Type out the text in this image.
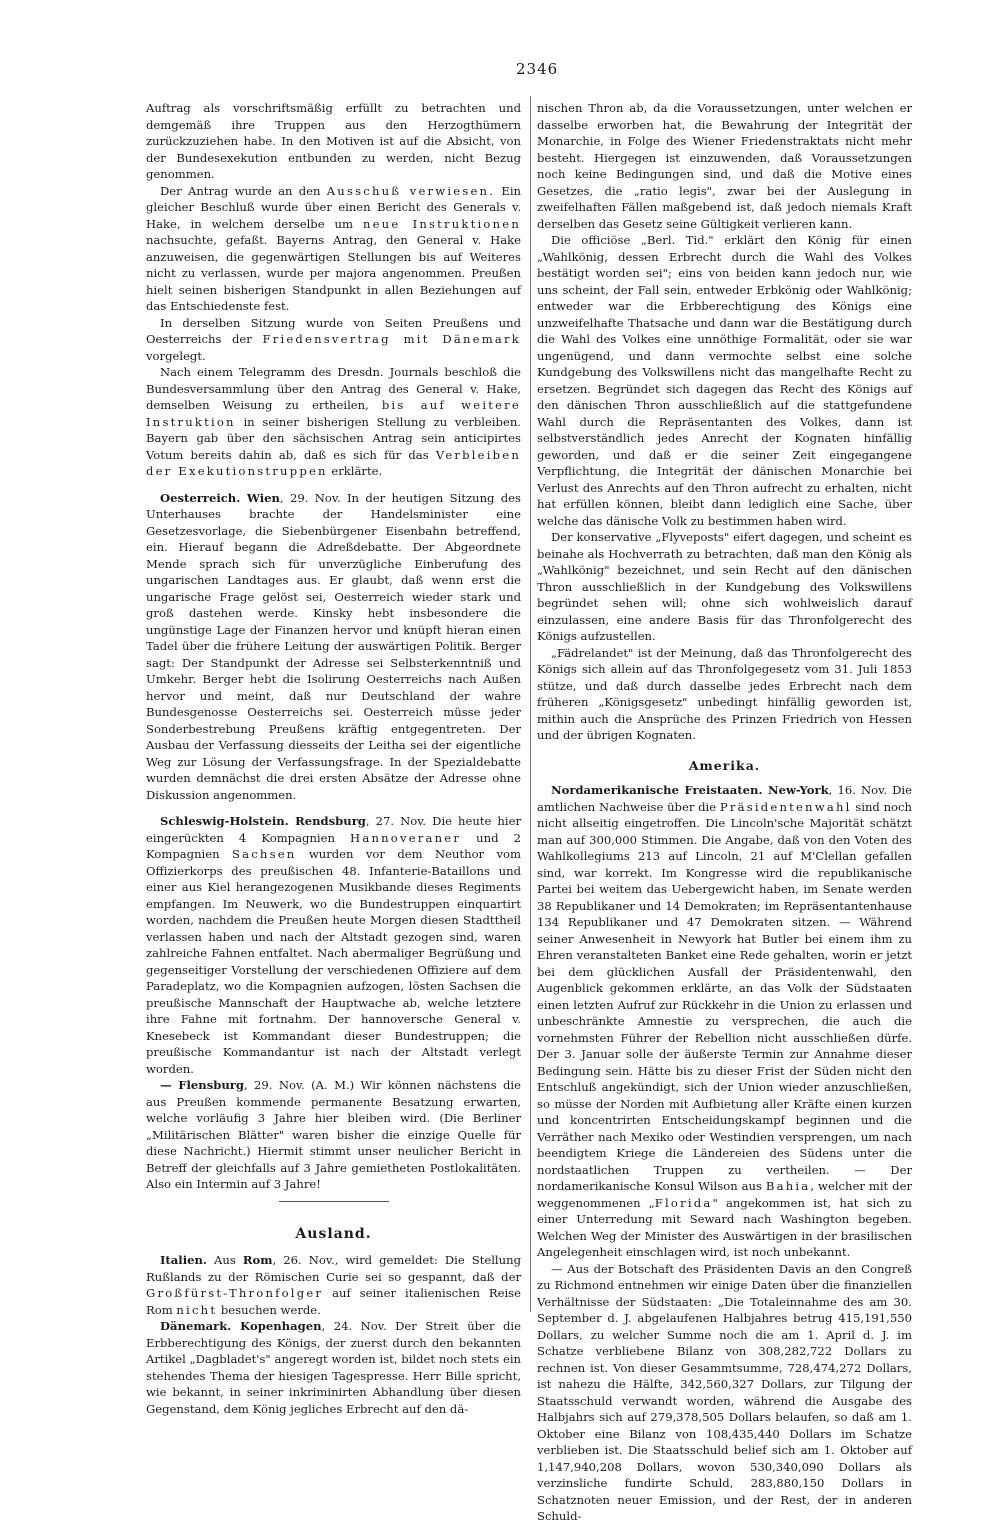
2346

Auftrag als vorschriftsmäßig erfüllt zu betrachten und demgemäß ihre Truppen aus den Herzogthümern zurückzuziehen habe. In den Motiven ist auf die Absicht, von der Bundesexekution entbunden zu werden, nicht Bezug genommen.

Der Antrag wurde an den Ausschuß verwiesen. Ein gleicher Beschluß wurde über einen Bericht des Generals v. Hake, in welchem derselbe um neue Instruktionen nachsuchte, gefaßt. Bayerns Antrag, den General v. Hake anzuweisen, die gegenwärtigen Stellungen bis auf Weiteres nicht zu verlassen, wurde per majora angenommen. Preußen hielt seinen bisherigen Standpunkt in allen Beziehungen auf das Entschiedenste fest.

In derselben Sitzung wurde von Seiten Preußens und Oesterreichs der Friedensvertrag mit Dänemark vorgelegt.

Nach einem Telegramm des Dresdn. Journals beschloß die Bundesversammlung über den Antrag des General v. Hake, demselben Weisung zu ertheilen, bis auf weitere Instruktion in seiner bisherigen Stellung zu verbleiben. Bayern gab über den sächsischen Antrag sein anticipirtes Votum bereits dahin ab, daß es sich für das Verbleiben der Exekutionstruppen erklärte.

Oesterreich. Wien, 29. Nov. In der heutigen Sitzung des Unterhauses brachte der Handelsminister eine Gesetzesvorlage, die Siebenbürgener Eisenbahn betreffend, ein. Hierauf begann die Adreßdebatte. Der Abgeordnete Mende sprach sich für unverzügliche Einberufung des ungarischen Landtages aus. Er glaubt, daß wenn erst die ungarische Frage gelöst sei, Oesterreich wieder stark und groß dastehen werde. Kinsky hebt insbesondere die ungünstige Lage der Finanzen hervor und knüpft hieran einen Tadel über die frühere Leitung der auswärtigen Politik. Berger sagt: Der Standpunkt der Adresse sei Selbsterkenntniß und Umkehr. Berger hebt die Isolirung Oesterreichs nach Außen hervor und meint, daß nur Deutschland der wahre Bundesgenosse Oesterreichs sei. Oesterreich müsse jeder Sonderbestrebung Preußens kräftig entgegentreten. Der Ausbau der Verfassung diesseits der Leitha sei der eigentliche Weg zur Lösung der Verfassungsfrage. In der Spezialdebatte wurden demnächst die drei ersten Absätze der Adresse ohne Diskussion angenommen.

Schleswig-Holstein. Rendsburg, 27. Nov. Die heute hier eingerückten 4 Kompagnien Hannoveraner und 2 Kompagnien Sachsen wurden vor dem Neuthor vom Offizierkorps des preußischen 48. Infanterie-Bataillons und einer aus Kiel herangezogenen Musikbande dieses Regiments empfangen. Im Neuwerk, wo die Bundestruppen einquartirt worden, nachdem die Preußen heute Morgen diesen Stadttheil verlassen haben und nach der Altstadt gezogen sind, waren zahlreiche Fahnen entfaltet. Nach abermaliger Begrüßung und gegenseitiger Vorstellung der verschiedenen Offiziere auf dem Paradeplatz, wo die Kompagnien aufzogen, lösten Sachsen die preußische Mannschaft der Hauptwache ab, welche letztere ihre Fahne mit fortnahm. Der hannoversche General v. Knesebeck ist Kommandant dieser Bundestruppen; die preußische Kommandantur ist nach der Altstadt verlegt worden.

— Flensburg, 29. Nov. (A. M.) Wir können nächstens die aus Preußen kommende permanente Besatzung erwarten, welche vorläufig 3 Jahre hier bleiben wird. (Die Berliner „Militärischen Blätter" waren bisher die einzige Quelle für diese Nachricht.) Hiermit stimmt unser neulicher Bericht in Betreff der gleichfalls auf 3 Jahre gemietheten Postlokalitäten. Also ein Intermin auf 3 Jahre!

Ausland.

Italien. Aus Rom, 26. Nov., wird gemeldet: Die Stellung Rußlands zu der Römischen Curie sei so gespannt, daß der Großfürst-Thronfolger auf seiner italienischen Reise Rom nicht besuchen werde.

Dänemark. Kopenhagen, 24. Nov. Der Streit über die Erbberechtigung des Königs, der zuerst durch den bekannten Artikel „Dagbladet's" angeregt worden ist, bildet noch stets ein stehendes Thema der hiesigen Tagespresse. Herr Bille spricht, wie bekannt, in seiner inkriminirten Abhandlung über diesen Gegenstand, dem König jegliches Erbrecht auf den dä-

nischen Thron ab, da die Voraussetzungen, unter welchen er dasselbe erworben hat, die Bewahrung der Integrität der Monarchie, in Folge des Wiener Friedenstraktats nicht mehr besteht. Hiergegen ist einzuwenden, daß Voraussetzungen noch keine Bedingungen sind, und daß die Motive eines Gesetzes, die „ratio legis", zwar bei der Auslegung in zweifelhaften Fällen maßgebend ist, daß jedoch niemals Kraft derselben das Gesetz seine Gültigkeit verlieren kann.

Die officiöse „Berl. Tid." erklärt den König für einen „Wahlkönig, dessen Erbrecht durch die Wahl des Volkes bestätigt worden sei"; eins von beiden kann jedoch nur, wie uns scheint, der Fall sein, entweder Erbkönig oder Wahlkönig; entweder war die Erbberechtigung des Königs eine unzweifelhafte Thatsache und dann war die Bestätigung durch die Wahl des Volkes eine unnöthige Formalität, oder sie war ungenügend, und dann vermochte selbst eine solche Kundgebung des Volkswillens nicht das mangelhafte Recht zu ersetzen. Begründet sich dagegen das Recht des Königs auf den dänischen Thron ausschließlich auf die stattgefundene Wahl durch die Repräsentanten des Volkes, dann ist selbstverständlich jedes Anrecht der Kognaten hinfällig geworden, und daß er die seiner Zeit eingegangene Verpflichtung, die Integrität der dänischen Monarchie bei Verlust des Anrechts auf den Thron aufrecht zu erhalten, nicht hat erfüllen können, bleibt dann lediglich eine Sache, über welche das dänische Volk zu bestimmen haben wird.

Der konservative „Flyveposts" eifert dagegen, und scheint es beinahe als Hochverrath zu betrachten, daß man den König als „Wahlkönig" bezeichnet, und sein Recht auf den dänischen Thron ausschließlich in der Kundgebung des Volkswillens begründet sehen will; ohne sich wohlweislich darauf einzulassen, eine andere Basis für das Thronfolgerecht des Königs aufzustellen.

„Fädrelandet" ist der Meinung, daß das Thronfolgerecht des Königs sich allein auf das Thronfolgegesetz vom 31. Juli 1853 stütze, und daß durch dasselbe jedes Erbrecht nach dem früheren „Königsgesetz" unbedingt hinfällig geworden ist, mithin auch die Ansprüche des Prinzen Friedrich von Hessen und der übrigen Kognaten.

Amerika.

Nordamerikanische Freistaaten. New-York, 16. Nov. Die amtlichen Nachweise über die Präsidentenwahl sind noch nicht allseitig eingetroffen. Die Lincoln'sche Majorität schätzt man auf 300,000 Stimmen. Die Angabe, daß von den Voten des Wahlkollegiums 213 auf Lincoln, 21 auf M'Clellan gefallen sind, war korrekt. Im Kongresse wird die republikanische Partei bei weitem das Uebergewicht haben, im Senate werden 38 Republikaner und 14 Demokraten; im Repräsentantenhause 134 Republikaner und 47 Demokraten sitzen. — Während seiner Anwesenheit in Newyork hat Butler bei einem ihm zu Ehren veranstalteten Banket eine Rede gehalten, worin er jetzt bei dem glücklichen Ausfall der Präsidentenwahl, den Augenblick gekommen erklärte, an das Volk der Südstaaten einen letzten Aufruf zur Rückkehr in die Union zu erlassen und unbeschränkte Amnestie zu versprechen, die auch die vornehmsten Führer der Rebellion nicht ausschließen dürfe. Der 3. Januar solle der äußerste Termin zur Annahme dieser Bedingung sein. Hätte bis zu dieser Frist der Süden nicht den Entschluß angekündigt, sich der Union wieder anzuschließen, so müsse der Norden mit Aufbietung aller Kräfte einen kurzen und koncentrirten Entscheidungskampf beginnen und die Verräther nach Mexiko oder Westindien versprengen, um nach beendigtem Kriege die Ländereien des Südens unter die nordstaatlichen Truppen zu vertheilen. — Der nordamerikanische Konsul Wilson aus Bahia, welcher mit der weggenommenen „Florida" angekommen ist, hat sich zu einer Unterredung mit Seward nach Washington begeben. Welchen Weg der Minister des Auswärtigen in der brasilischen Angelegenheit einschlagen wird, ist noch unbekannt.

— Aus der Botschaft des Präsidenten Davis an den Congreß zu Richmond entnehmen wir einige Daten über die finanziellen Verhältnisse der Südstaaten: „Die Totaleinnahme des am 30. September d. J. abgelaufenen Halbjahres betrug 415,191,550 Dollars, zu welcher Summe noch die am 1. April d. J. im Schatze verbliebene Bilanz von 308,282,722 Dollars zu rechnen ist. Von dieser Gesammtsumme, 728,474,272 Dollars, ist nahezu die Hälfte, 342,560,327 Dollars, zur Tilgung der Staatsschuld verwandt worden, während die Ausgabe des Halbjahrs sich auf 279,378,505 Dollars belaufen, so daß am 1. Oktober eine Bilanz von 108,435,440 Dollars im Schatze verblieben ist. Die Staatsschuld belief sich am 1. Oktober auf 1,147,940,208 Dollars, wovon 530,340,090 Dollars als verzinsliche fundirte Schuld, 283,880,150 Dollars in Schatznoten neuer Emission, und der Rest, der in anderen Schuld-
